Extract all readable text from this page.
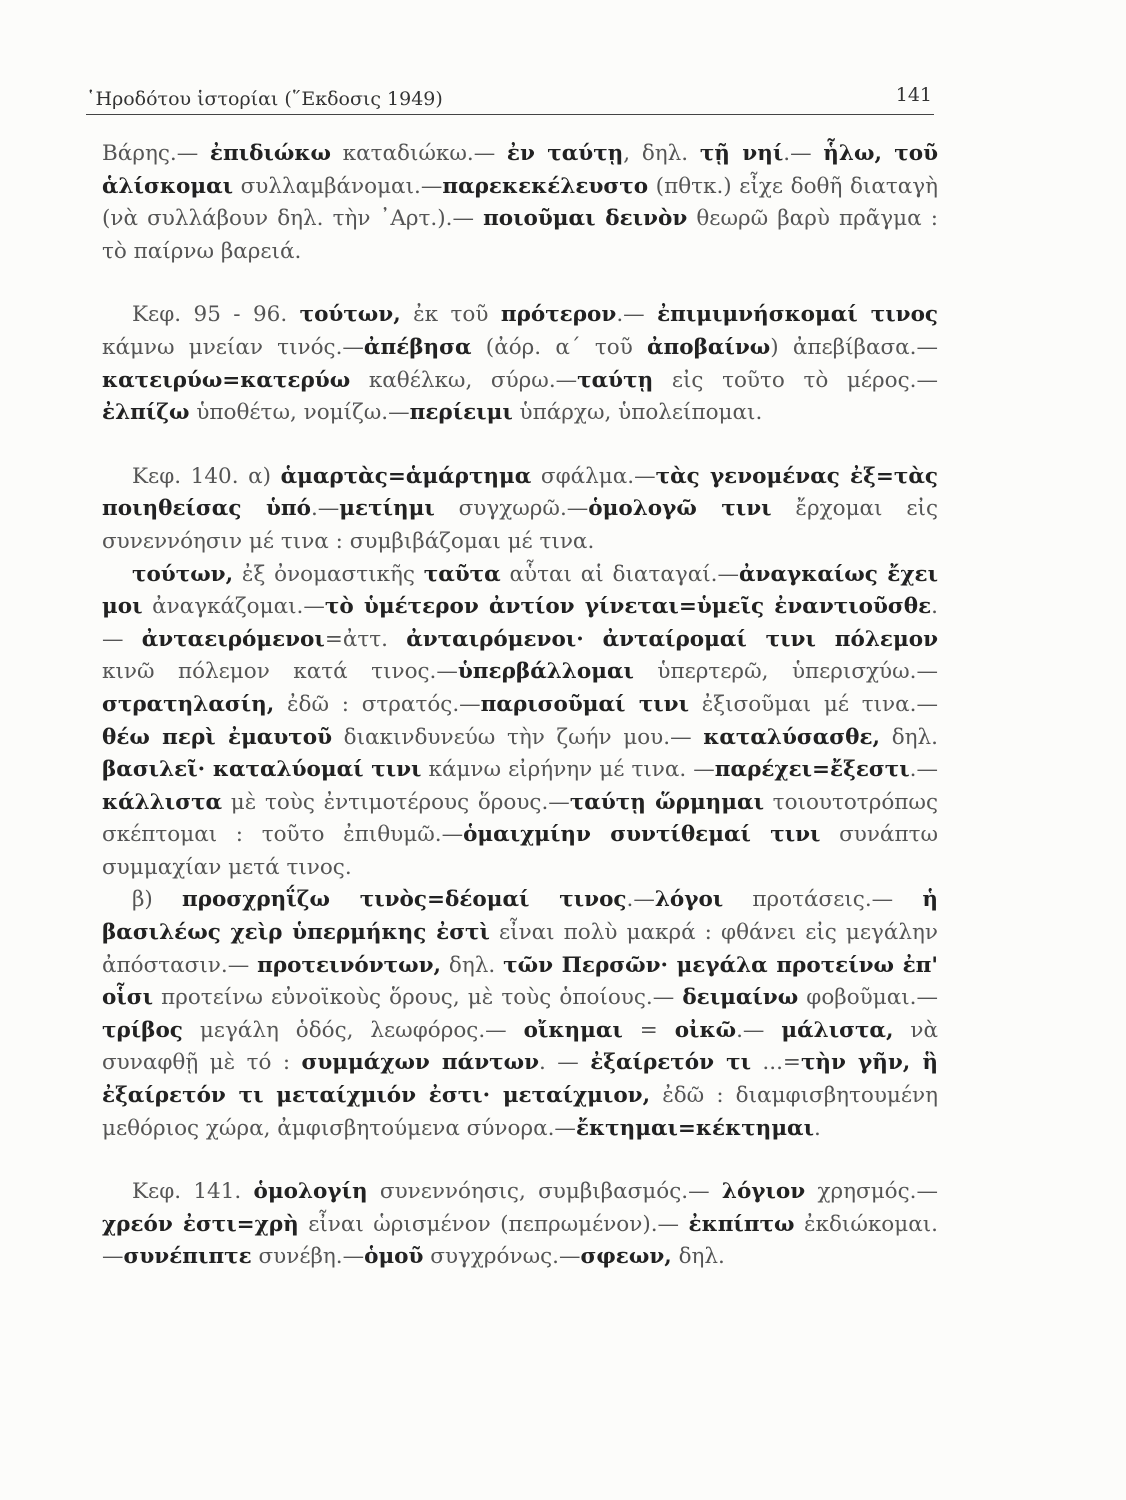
῾Ηροδότου ἱστορίαι (῞Εκδοσις 1949)	141

Βάρης.— ἐπιδιώκω καταδιώκω.— ἐν ταύτῃ, δηλ. τῇ νηί.— ἧλω, τοῦ ἁλίσκομαι συλλαμβάνομαι.—παρεκεκέλευστο (πθτκ.) εἶχε δοθῆ διαταγὴ (νὰ συλλάβουν δηλ. τὴν ᾿Αρτ.).— ποιοῦμαι δεινὸν θεωρῶ βαρὺ πρᾶγμα : τὸ παίρνω βαρειά.

Κεφ. 95 - 96. τούτων, ἐκ τοῦ πρότερον.— ἐπιμιμνήσκομαί τινος κάμνω μνείαν τινός.—ἀπέβησα (ἀόρ. α΄ τοῦ ἀποβαίνω) ἀπεβίβασα.—κατειρύω=κατερύω καθέλκω, σύρω.—ταύτῃ εἰς τοῦτο τὸ μέρος.—ἐλπίζω ὑποθέτω, νομίζω.—περίειμι ὑπάρχω, ὑπολείπομαι.

Κεφ. 140. α) ἁμαρτὰς=ἁμάρτημα σφάλμα.—τὰς γενομένας ἐξ=τὰς ποιηθείσας ὑπό.—μετίημι συγχωρῶ.—ὁμολογῶ τινι ἔρχομαι εἰς συνεννόησιν μέ τινα : συμβιβάζομαι μέ τινα.

τούτων, ἐξ ὀνομαστικῆς ταῦτα αὗται αἱ διαταγαί.—ἀναγκαίως ἔχει μοι ἀναγκάζομαι.—τὸ ὑμέτερον ἀντίον γίνεται=ὑμεῖς ἐναντιοῦσθε.— ἀνταειρόμενοι=ἀττ. ἀνταιρόμενοι· ἀνταίρομαί τινι πόλεμον κινῶ πόλεμον κατά τινος.—ὑπερβάλλομαι ὑπερτερῶ, ὑπερισχύω.—στρατηλασίη, ἐδῶ : στρατός.—παρισοῦμαί τινι ἐξισοῦμαι μέ τινα.— θέω περὶ ἐμαυτοῦ διακινδυνεύω τὴν ζωήν μου.— καταλύσασθε, δηλ. βασιλεῖ· καταλύομαί τινι κάμνω εἰρήνην μέ τινα. —παρέχει=ἔξεστι.—κάλλιστα μὲ τοὺς ἐντιμοτέρους ὅρους.—ταύτῃ ὥρμημαι τοιουτοτρόπως σκέπτομαι : τοῦτο ἐπιθυμῶ.—ὁμαιχμίην συντίθεμαί τινι συνάπτω συμμαχίαν μετά τινος.

β) προσχρηΐζω τινὸς=δέομαί τινος.—λόγοι προτάσεις.— ἡ βασιλέως χεὶρ ὑπερμήκης ἐστὶ εἶναι πολὺ μακρά : φθάνει εἰς μεγάλην ἀπόστασιν.— προτεινόντων, δηλ. τῶν Περσῶν· μεγάλα προτείνω ἐπ' οἷσι προτείνω εὐνοϊκοὺς ὅρους, μὲ τοὺς ὁποίους.— δειμαίνω φοβοῦμαι.— τρίβος μεγάλη ὁδός, λεωφόρος.— οἴκημαι = οἰκῶ.— μάλιστα, νὰ συναφθῇ μὲ τό : συμμάχων πάντων. — ἐξαίρετόν τι ...=τὴν γῆν, ἣ ἐξαίρετόν τι μεταίχμιόν ἐστι· μεταίχμιον, ἐδῶ : διαμφισβητουμένη μεθόριος χώρα, ἀμφισβητούμενα σύνορα.—ἔκτημαι=κέκτημαι.

Κεφ. 141. ὁμολογίη συνεννόησις, συμβιβασμός.— λόγιον χρησμός.—χρεόν ἐστι=χρὴ εἶναι ὡρισμένον (πεπρωμένον).— ἐκπίπτω ἐκδιώκομαι.—συνέπιπτε συνέβη.—ὁμοῦ συγχρόνως.—σφεων, δηλ.
